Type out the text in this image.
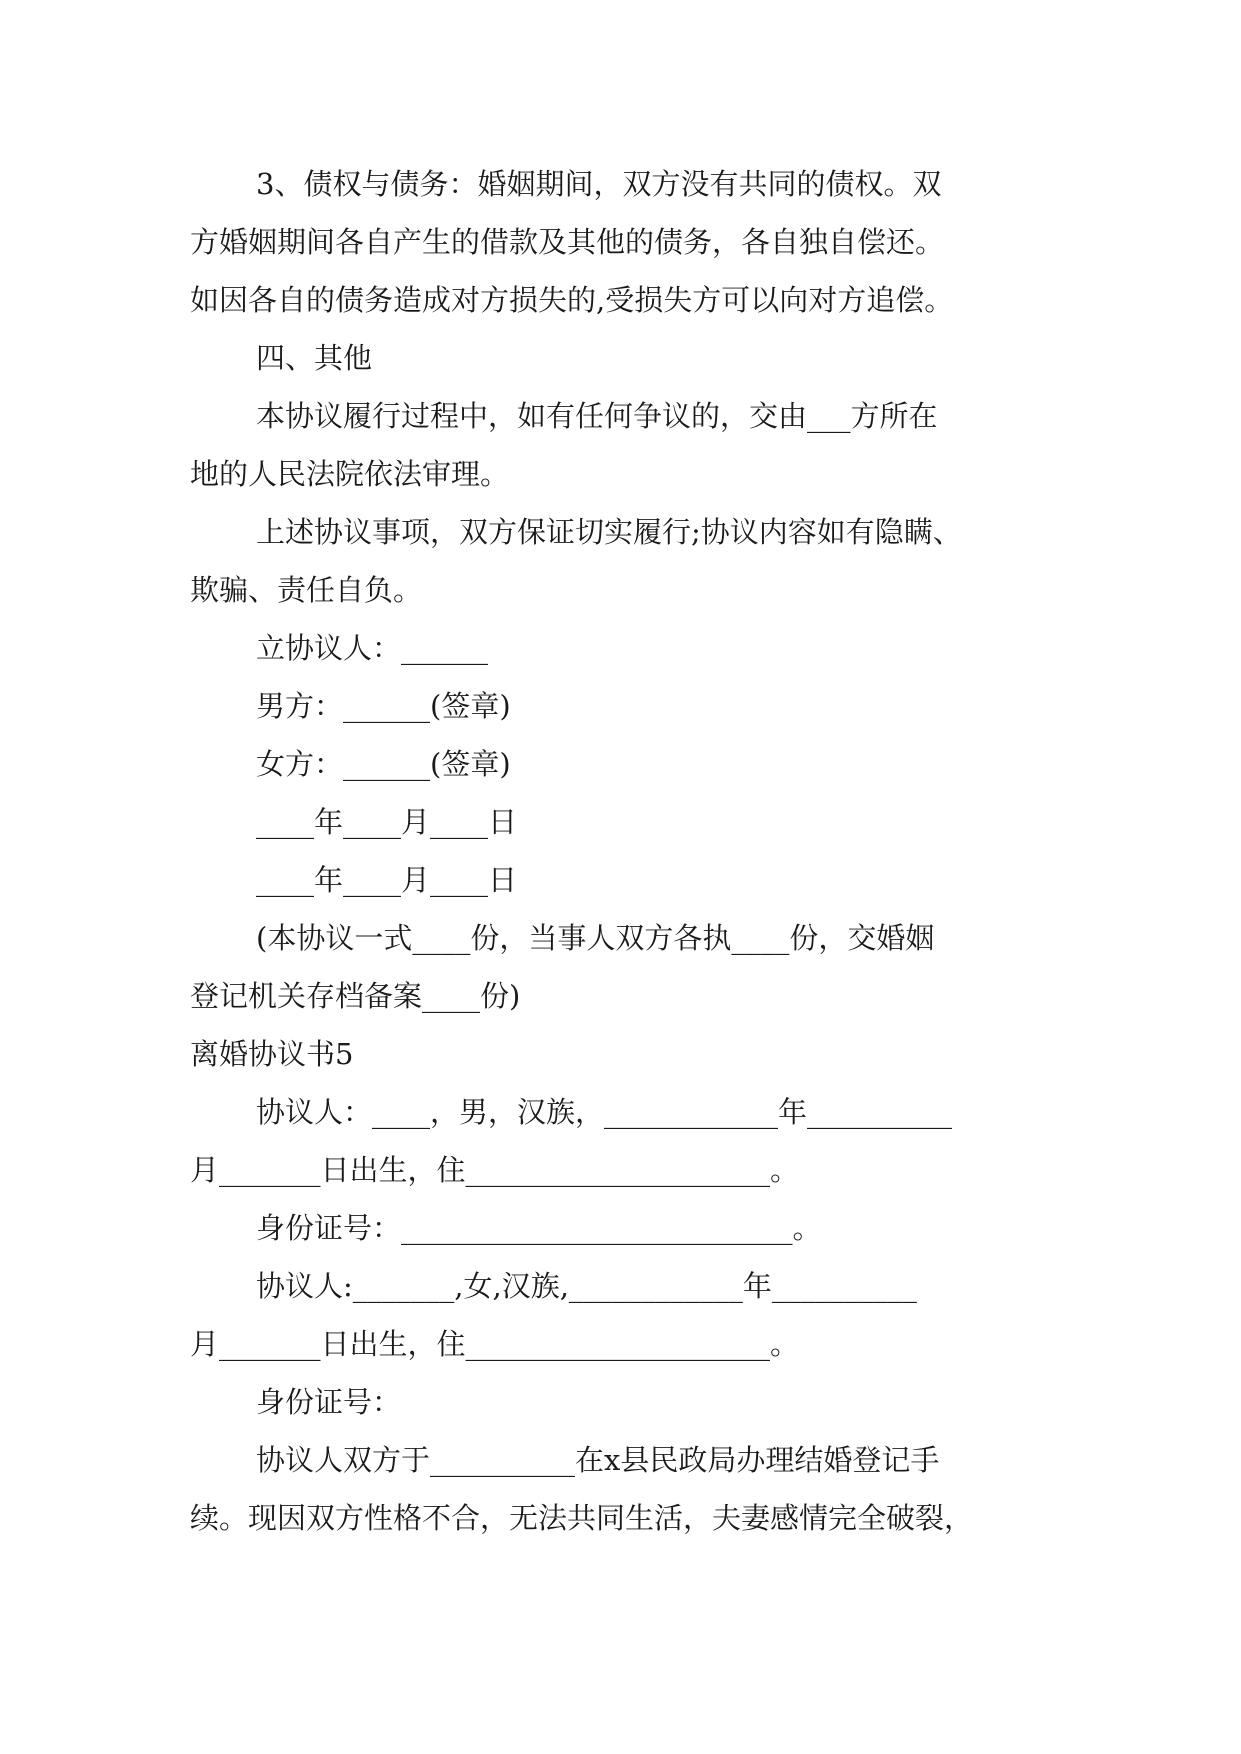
3、债权与债务：婚姻期间，双方没有共同的债权。双
方婚姻期间各自产生的借款及其他的债务，各自独自偿还。
如因各自的债务造成对方损失的,受损失方可以向对方追偿。
四、其他
本协议履行过程中，如有任何争议的，交由___方所在
地的人民法院依法审理。
上述协议事项，双方保证切实履行;协议内容如有隐瞒、
欺骗、责任自负。
立协议人：______
男方：______(签章)
女方：______(签章)
____年____月____日
____年____月____日
(本协议一式____份，当事人双方各执____份，交婚姻
登记机关存档备案____份)
离婚协议书5
协议人：____，男，汉族，____________年__________
月_______日出生，住_____________________。
身份证号：___________________________。
协议人:_______,女,汉族,____________年__________
月_______日出生，住_____________________。
身份证号：
协议人双方于__________在x县民政局办理结婚登记手
续。现因双方性格不合，无法共同生活，夫妻感情完全破裂，
